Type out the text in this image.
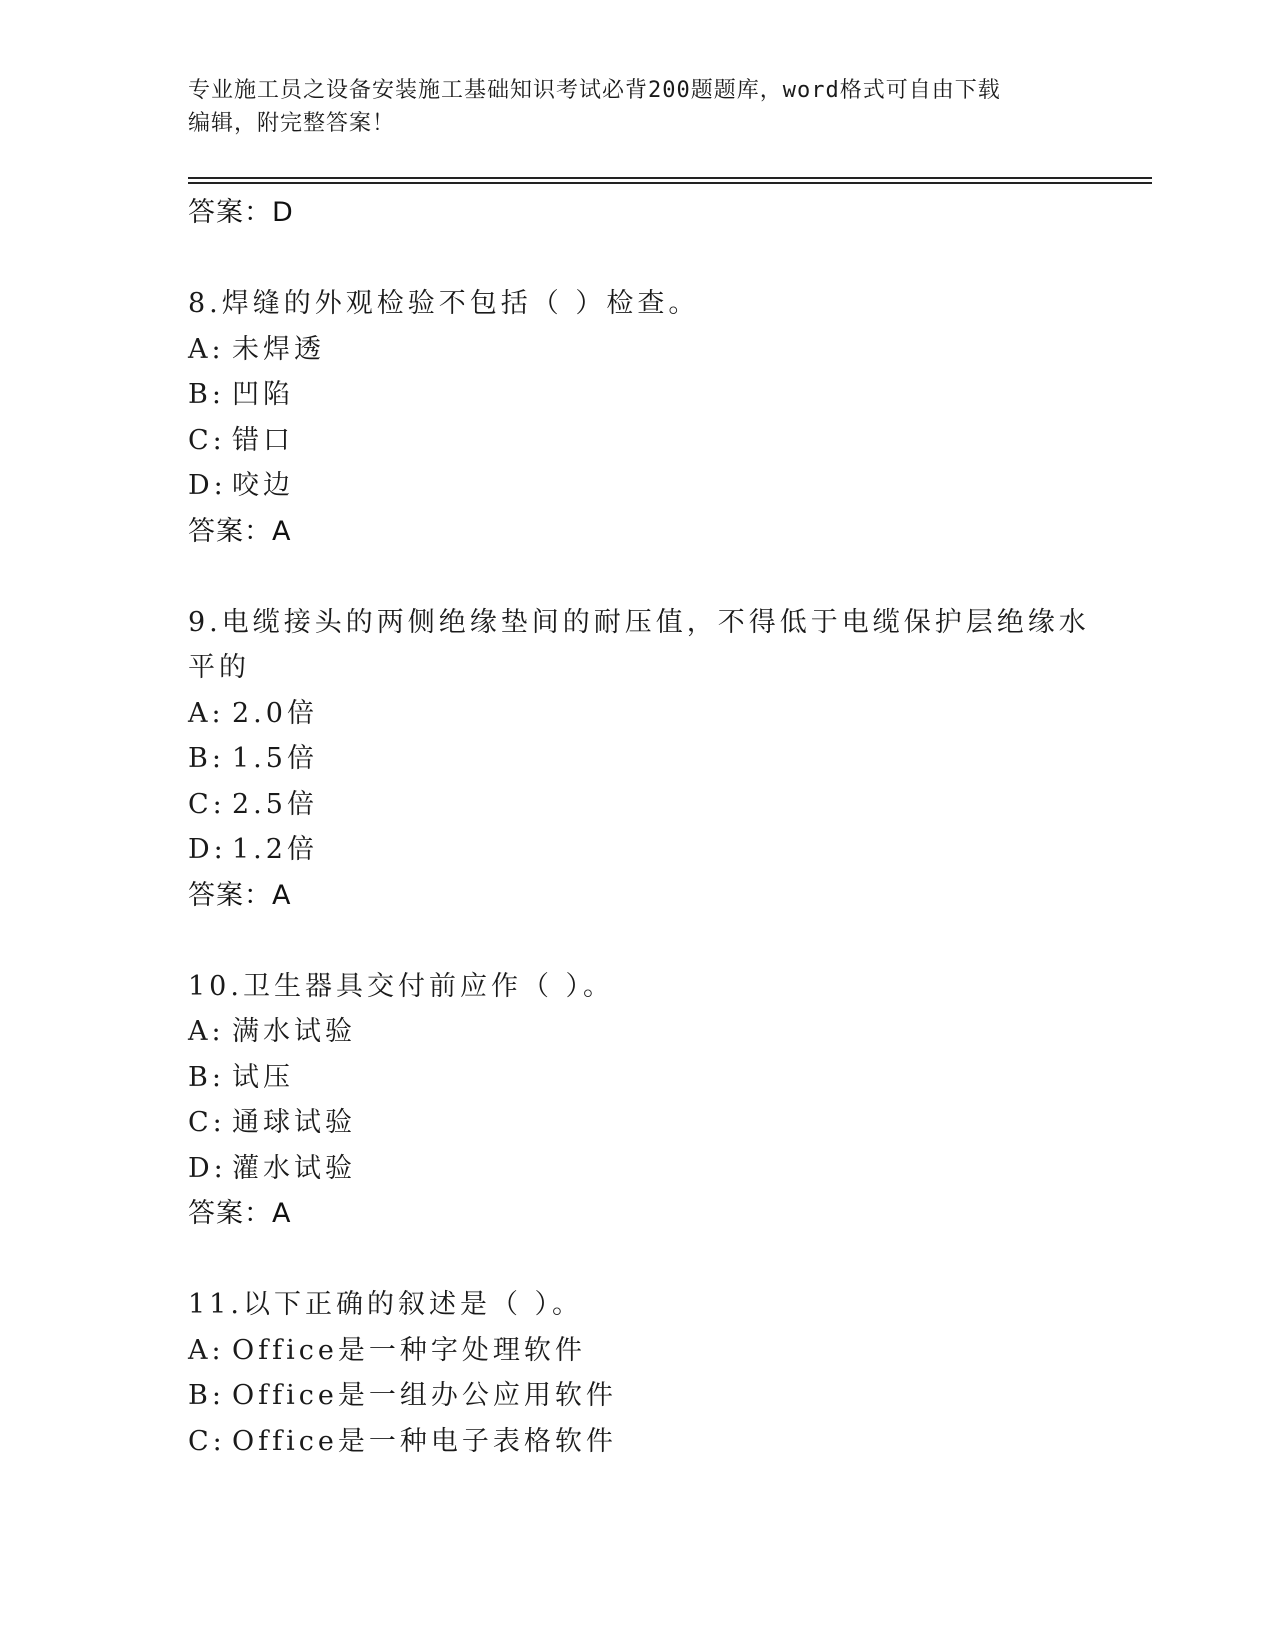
专业施工员之设备安装施工基础知识考试必背200题题库，word格式可自由下载
编辑，附完整答案！
答案：D
8.焊缝的外观检验不包括（ ）检查。
A: 未焊透
B: 凹陷
C: 错口
D: 咬边
答案：A
9.电缆接头的两侧绝缘垫间的耐压值，不得低于电缆保护层绝缘水平的
A: 2.0倍
B: 1.5倍
C: 2.5倍
D: 1.2倍
答案：A
10.卫生器具交付前应作（ ）。
A: 满水试验
B: 试压
C: 通球试验
D: 灌水试验
答案：A
11.以下正确的叙述是（ ）。
A: Office是一种字处理软件
B: Office是一组办公应用软件
C: Office是一种电子表格软件
